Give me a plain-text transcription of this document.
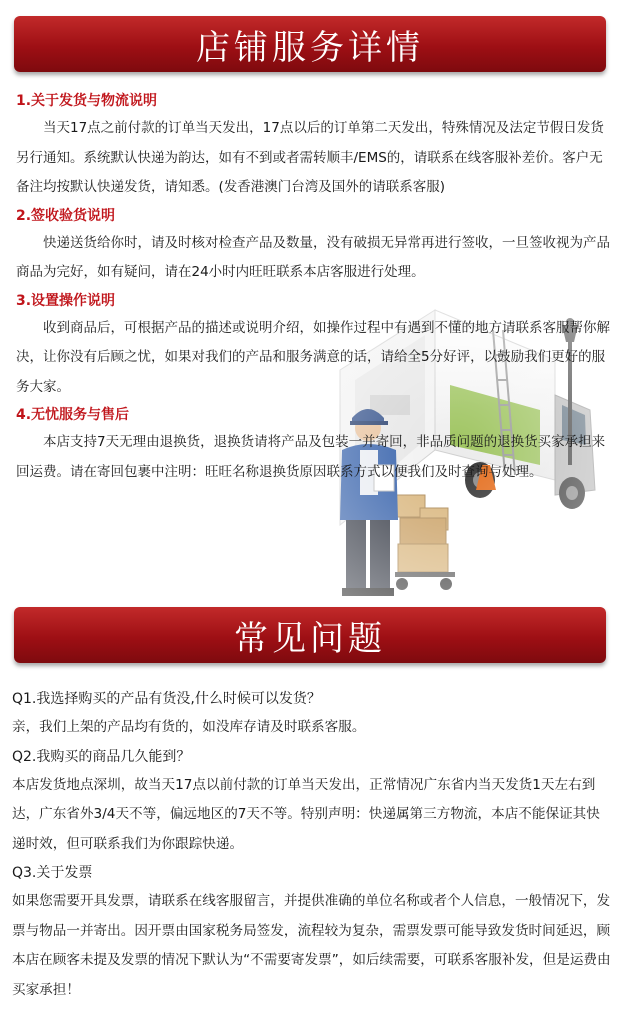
店铺服务详情
1.关于发货与物流说明

当天17点之前付款的订单当天发出，17点以后的订单第二天发出，特殊情况及法定节假日发货另行通知。系统默认快递为韵达，如有不到或者需转顺丰/EMS的，请联系在线客服补差价。客户无备注均按默认快递发货，请知悉。(发香港澳门台湾及国外的请联系客服)

2.签收验货说明

快递送货给你时，请及时核对检查产品及数量，没有破损无异常再进行签收，一旦签收视为产品商品为完好，如有疑问，请在24小时内旺旺联系本店客服进行处理。

3.设置操作说明

收到商品后，可根据产品的描述或说明介绍，如操作过程中有遇到不懂的地方请联系客服帮你解决，让你没有后顾之忧，如果对我们的产品和服务满意的话，请给全5分好评，以鼓励我们更好的服务大家。

4.无忧服务与售后

本店支持7天无理由退换货，退换货请将产品及包装一并寄回，非品质问题的退换货买家承担来回运费。请在寄回包裹中注明：旺旺名称退换货原因联系方式以便我们及时查询与处理。

常见问题

Q1.我选择购买的产品有货没,什么时候可以发货？

亲，我们上架的产品均有货的，如没库存请及时联系客服。

Q2.我购买的商品几久能到？

本店发货地点深圳，故当天17点以前付款的订单当天发出，正常情况广东省内当天发货1天左右到达，广东省外3/4天不等，偏远地区的7天不等。特别声明：快递属第三方物流，本店不能保证其快递时效，但可联系我们为你跟踪快递。

Q3.关于发票

如果您需要开具发票，请联系在线客服留言，并提供准确的单位名称或者个人信息，一般情况下，发票与物品一并寄出。因开票由国家税务局签发，流程较为复杂，需票发票可能导致发货时间延迟，顾本店在顾客未提及发票的情况下默认为“不需要寄发票”，如后续需要，可联系客服补发，但是运费由买家承担！
